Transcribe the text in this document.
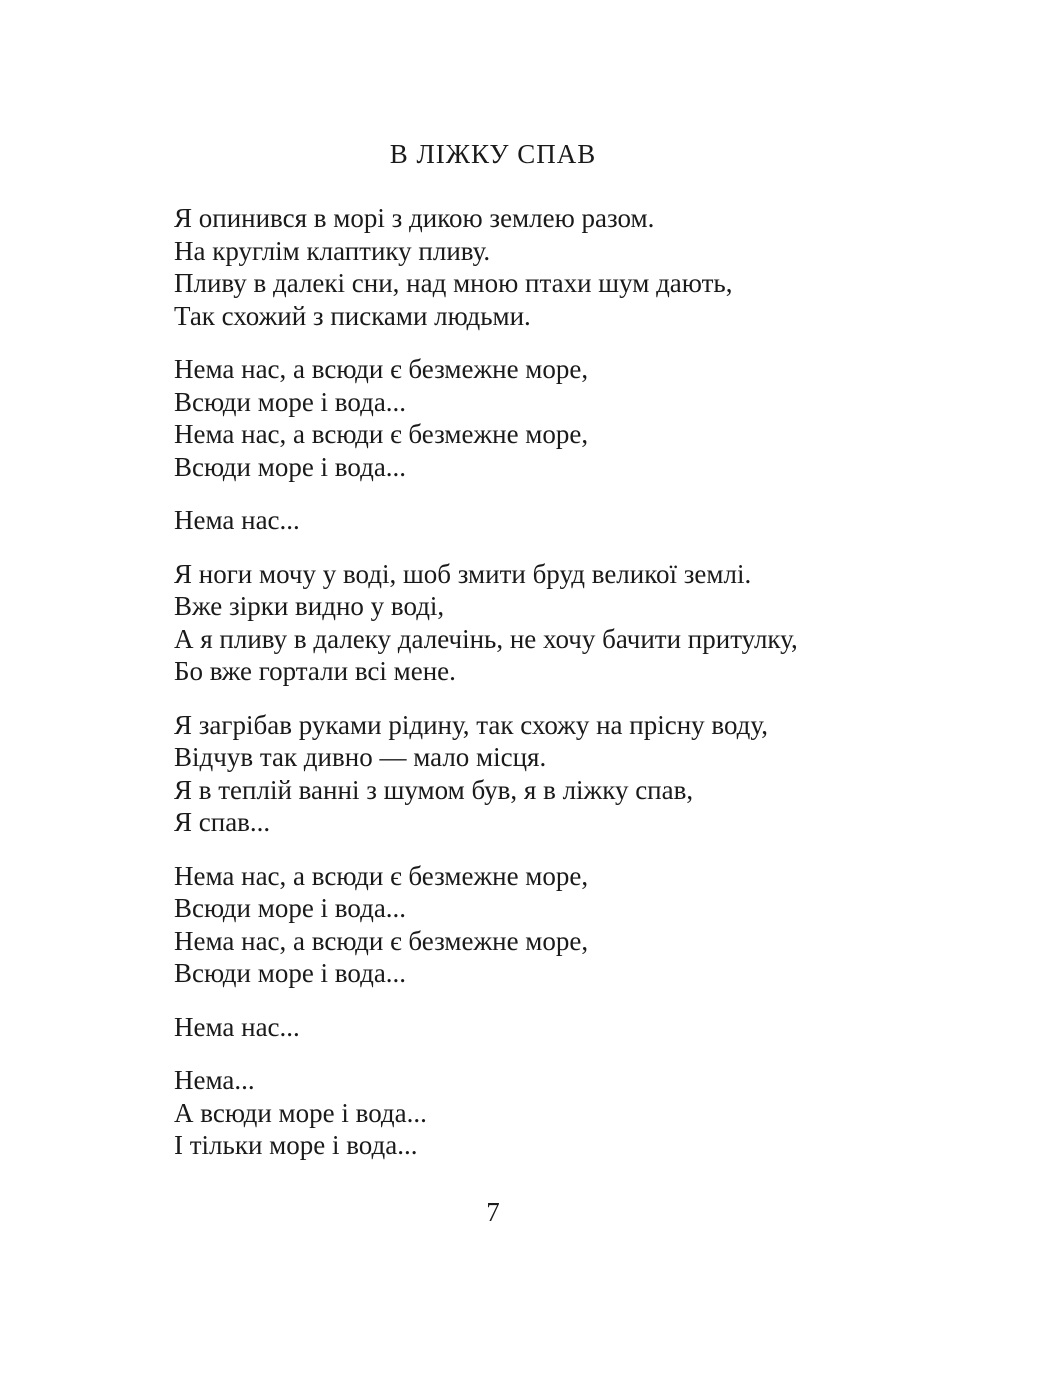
В ЛІЖКУ СПАВ
Я опинився в морі з дикою землею разом.
На круглім клаптику пливу.
Пливу в далекі сни, над мною птахи шум дають,
Так схожий з писками людьми.
Нема нас, а всюди є безмежне море,
Всюди море і вода...
Нема нас, а всюди є безмежне море,
Всюди море і вода...
Нема нас...
Я ноги мочу у воді, шоб змити бруд великої землі.
Вже зірки видно у воді,
А я пливу в далеку далечінь, не хочу бачити притулку,
Бо вже гортали всі мене.
Я загрібав руками рідину, так схожу на прісну воду,
Відчув так дивно — мало місця.
Я в теплій ванні з шумом був, я в ліжку спав,
Я спав...
Нема нас, а всюди є безмежне море,
Всюди море і вода...
Нема нас, а всюди є безмежне море,
Всюди море і вода...
Нема нас...
Нема...
А всюди море і вода...
І тільки море і вода...
7
